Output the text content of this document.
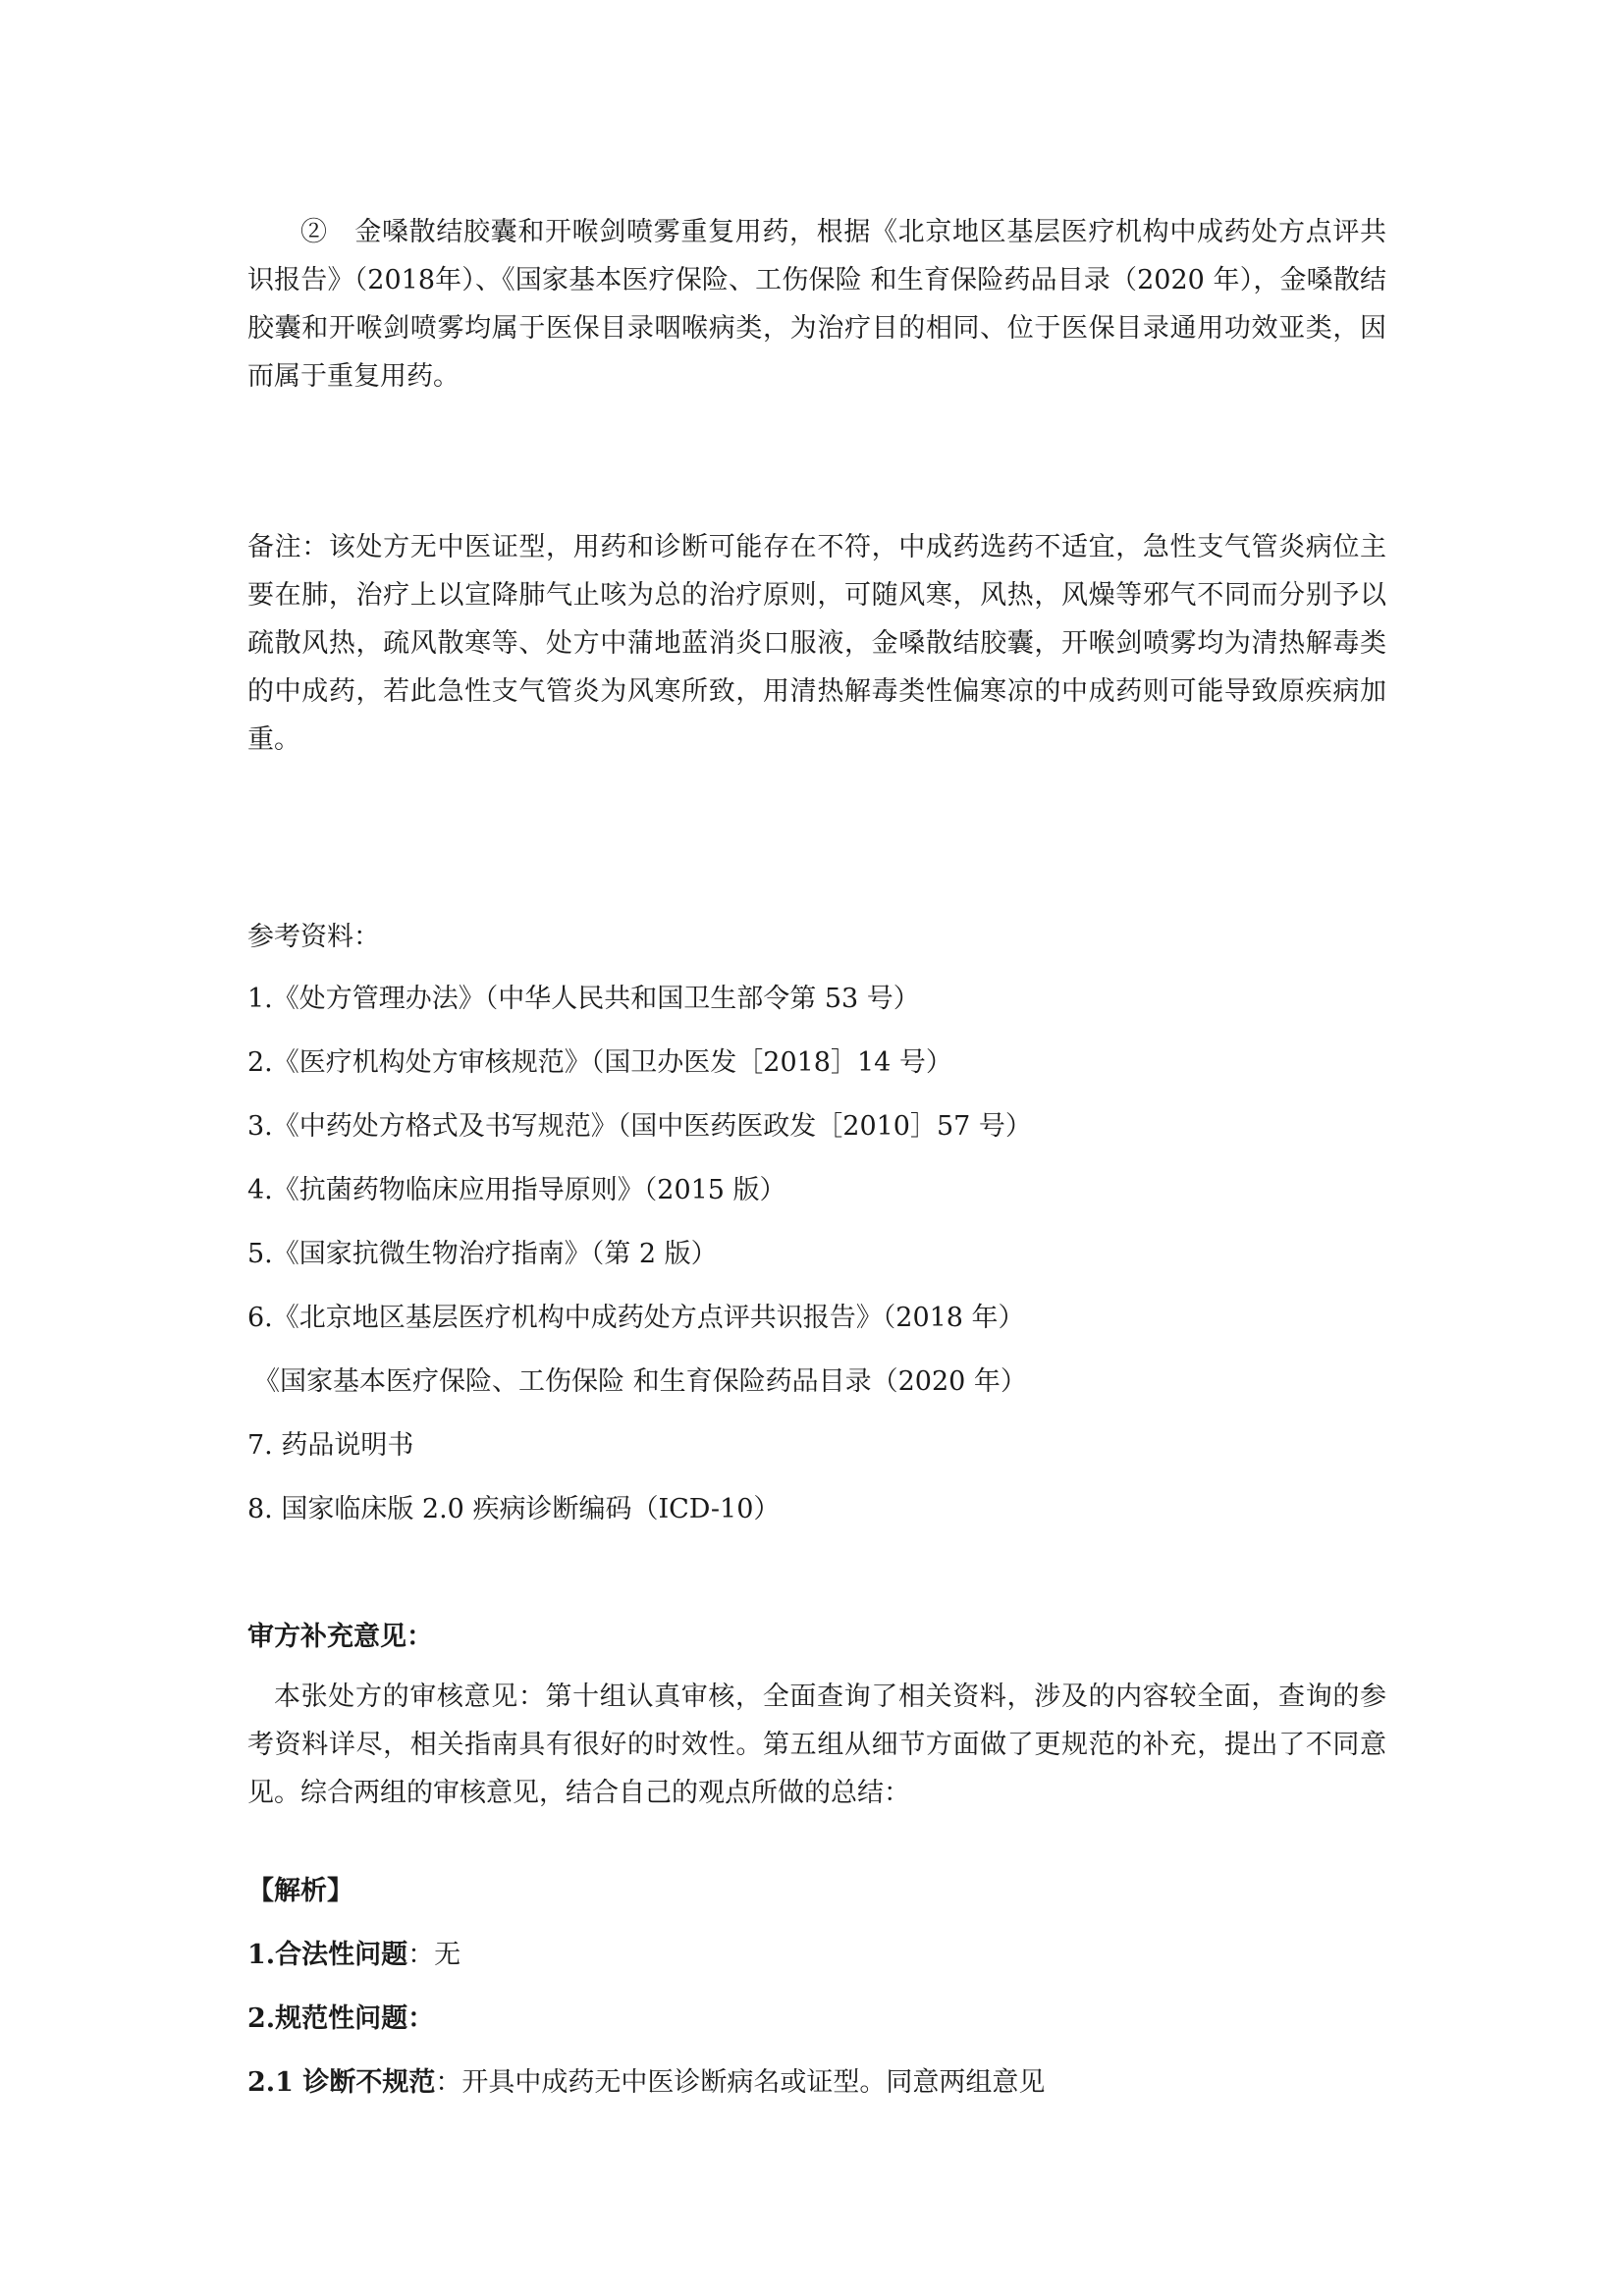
②　金嗓散结胶囊和开喉剑喷雾重复用药，根据《北京地区基层医疗机构中成药处方点评共识报告》（2018年）、《国家基本医疗保险、工伤保险 和生育保险药品目录（2020 年），金嗓散结胶囊和开喉剑喷雾均属于医保目录咽喉病类，为治疗目的相同、位于医保目录通用功效亚类，因而属于重复用药。

备注：该处方无中医证型，用药和诊断可能存在不符，中成药选药不适宜，急性支气管炎病位主要在肺，治疗上以宣降肺气止咳为总的治疗原则，可随风寒，风热，风燥等邪气不同而分别予以疏散风热，疏风散寒等、处方中蒲地蓝消炎口服液，金嗓散结胶囊，开喉剑喷雾均为清热解毒类的中成药，若此急性支气管炎为风寒所致，用清热解毒类性偏寒凉的中成药则可能导致原疾病加重。

参考资料：
1.《处方管理办法》（中华人民共和国卫生部令第 53 号）
2.《医疗机构处方审核规范》（国卫办医发［2018］14 号）
3.《中药处方格式及书写规范》（国中医药医政发［2010］57 号）
4.《抗菌药物临床应用指导原则》（2015 版）
5.《国家抗微生物治疗指南》（第 2 版）
6.《北京地区基层医疗机构中成药处方点评共识报告》（2018 年）
《国家基本医疗保险、工伤保险 和生育保险药品目录（2020 年）
7. 药品说明书
8. 国家临床版 2.0 疾病诊断编码（ICD-10）
审方补充意见：

本张处方的审核意见：第十组认真审核，全面查询了相关资料，涉及的内容较全面，查询的参考资料详尽，相关指南具有很好的时效性。第五组从细节方面做了更规范的补充，提出了不同意见。综合两组的审核意见，结合自己的观点所做的总结：

【解析】
1.合法性问题：无
2.规范性问题：
2.1 诊断不规范：开具中成药无中医诊断病名或证型。同意两组意见
